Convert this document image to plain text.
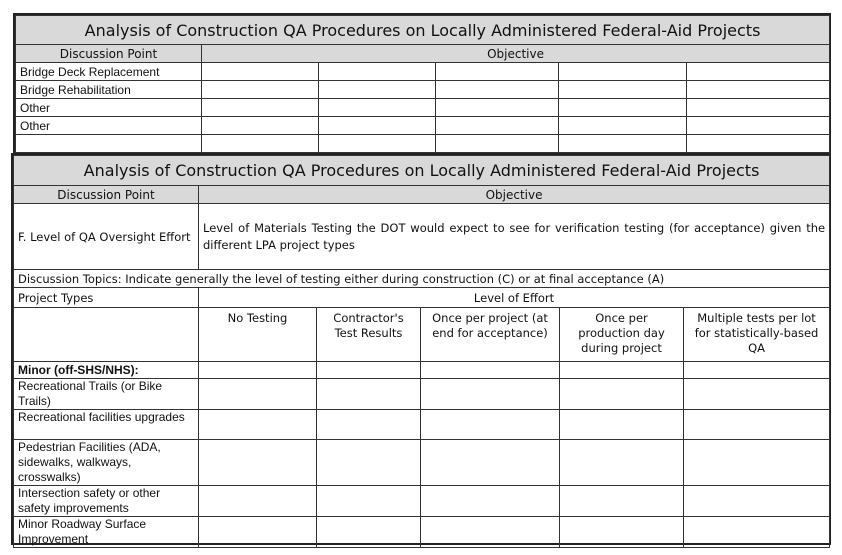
Analysis of Construction QA Procedures on Locally Administered Federal-Aid Projects					
Discussion Point	Objective				
Bridge Deck Replacement					
Bridge Rehabilitation					
Other					
Other					

Analysis of Construction QA Procedures on Locally Administered Federal-Aid Projects					
Discussion Point	Objective				
F. Level of QA Oversight Effort	Level of Materials Testing the DOT would expect to see for verification testing (for acceptance) given the different LPA project types				
Discussion Topics: Indicate generally the level of testing either during construction (C) or at final acceptance (A)					
Project Types	Level of Effort				
	No Testing	Contractor's Test Results	Once per project (at end for acceptance)	Once per production day during project	Multiple tests per lot for statistically-based QA
Minor (off-SHS/NHS):					
Recreational Trails (or Bike Trails)					
Recreational facilities upgrades					
Pedestrian Facilities (ADA, sidewalks, walkways, crosswalks)					
Intersection safety or other safety improvements					
Minor Roadway Surface Improvement					
